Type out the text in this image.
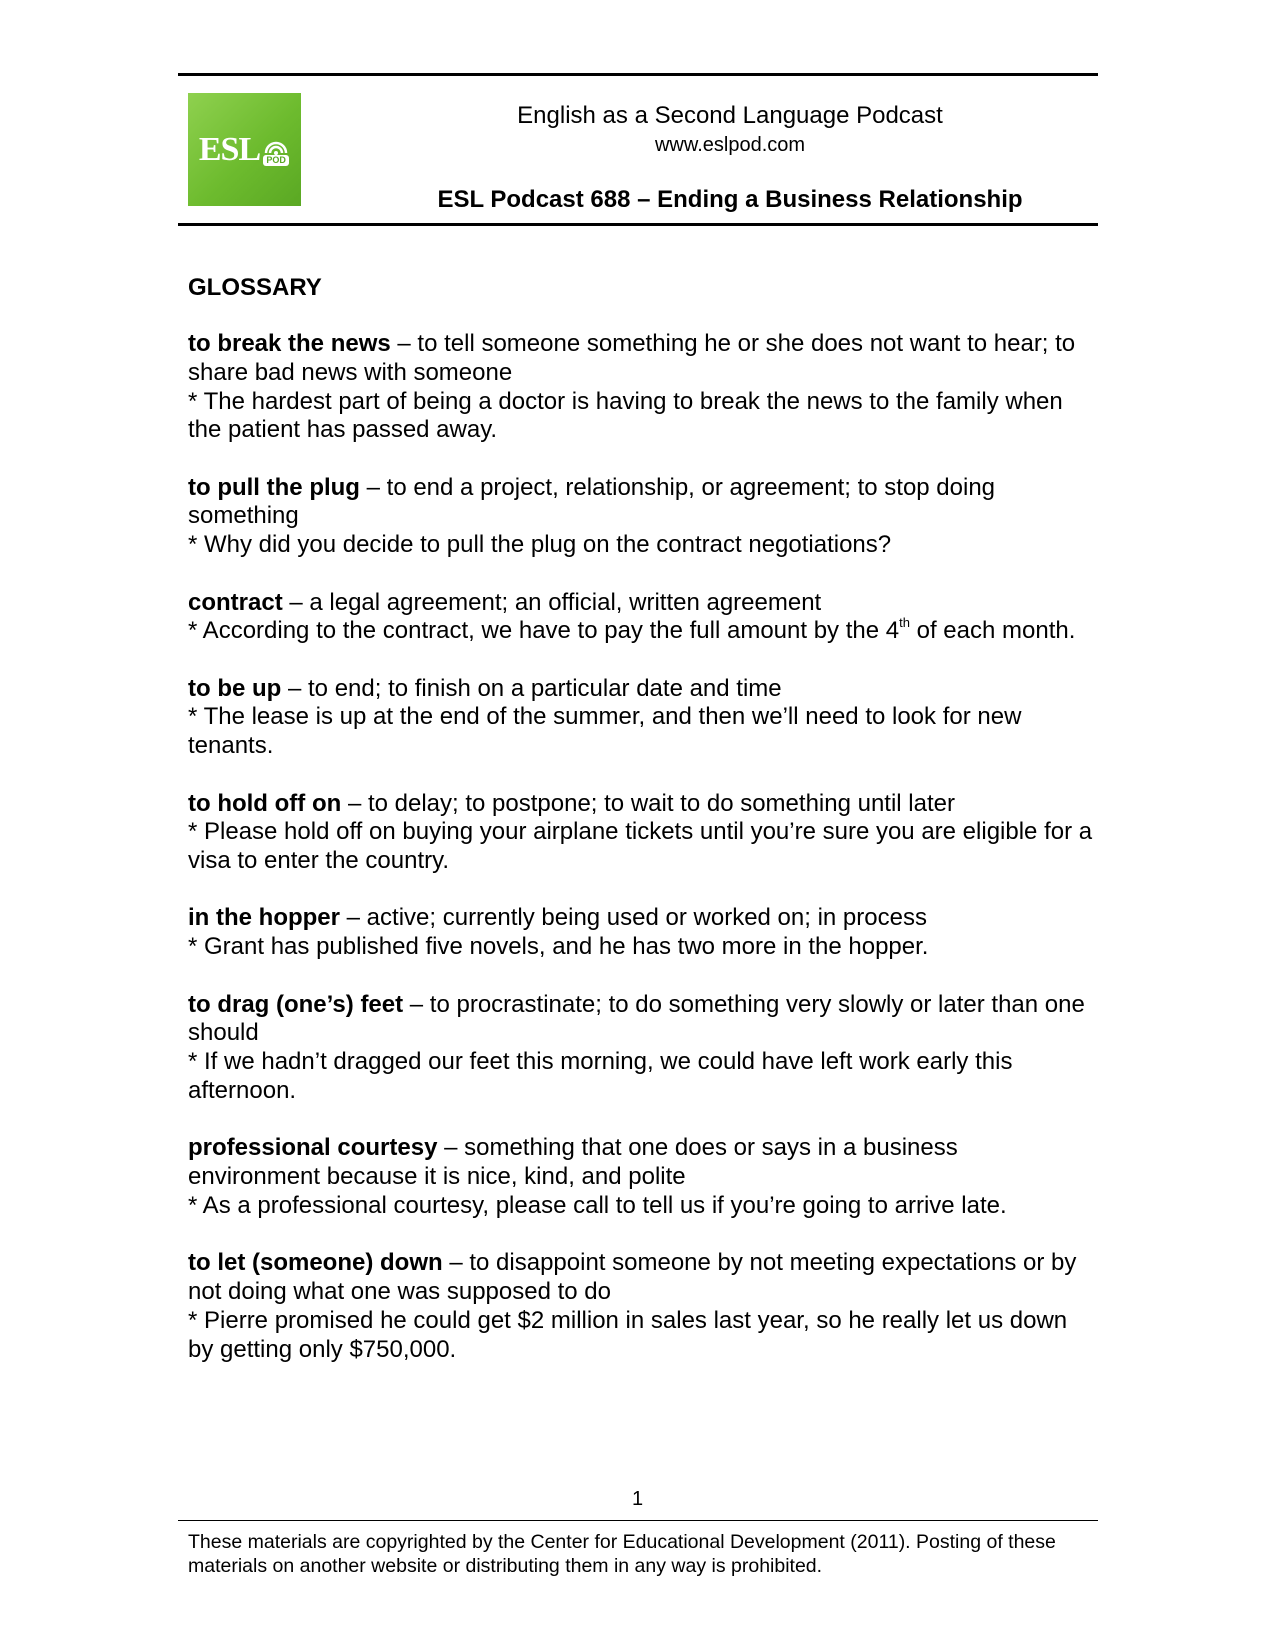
ESL POD
English as a Second Language Podcast
www.eslpod.com
ESL Podcast 688 – Ending a Business Relationship
GLOSSARY
to break the news – to tell someone something he or she does not want to hear; to share bad news with someone
* The hardest part of being a doctor is having to break the news to the family when the patient has passed away.
to pull the plug – to end a project, relationship, or agreement; to stop doing something
* Why did you decide to pull the plug on the contract negotiations?
contract – a legal agreement; an official, written agreement
* According to the contract, we have to pay the full amount by the 4th of each month.
to be up – to end; to finish on a particular date and time
* The lease is up at the end of the summer, and then we’ll need to look for new tenants.
to hold off on – to delay; to postpone; to wait to do something until later
* Please hold off on buying your airplane tickets until you’re sure you are eligible for a visa to enter the country.
in the hopper – active; currently being used or worked on; in process
* Grant has published five novels, and he has two more in the hopper.
to drag (one’s) feet – to procrastinate; to do something very slowly or later than one should
* If we hadn’t dragged our feet this morning, we could have left work early this afternoon.
professional courtesy – something that one does or says in a business environment because it is nice, kind, and polite
* As a professional courtesy, please call to tell us if you’re going to arrive late.
to let (someone) down – to disappoint someone by not meeting expectations or by not doing what one was supposed to do
* Pierre promised he could get $2 million in sales last year, so he really let us down by getting only $750,000.
1
These materials are copyrighted by the Center for Educational Development (2011). Posting of these materials on another website or distributing them in any way is prohibited.
